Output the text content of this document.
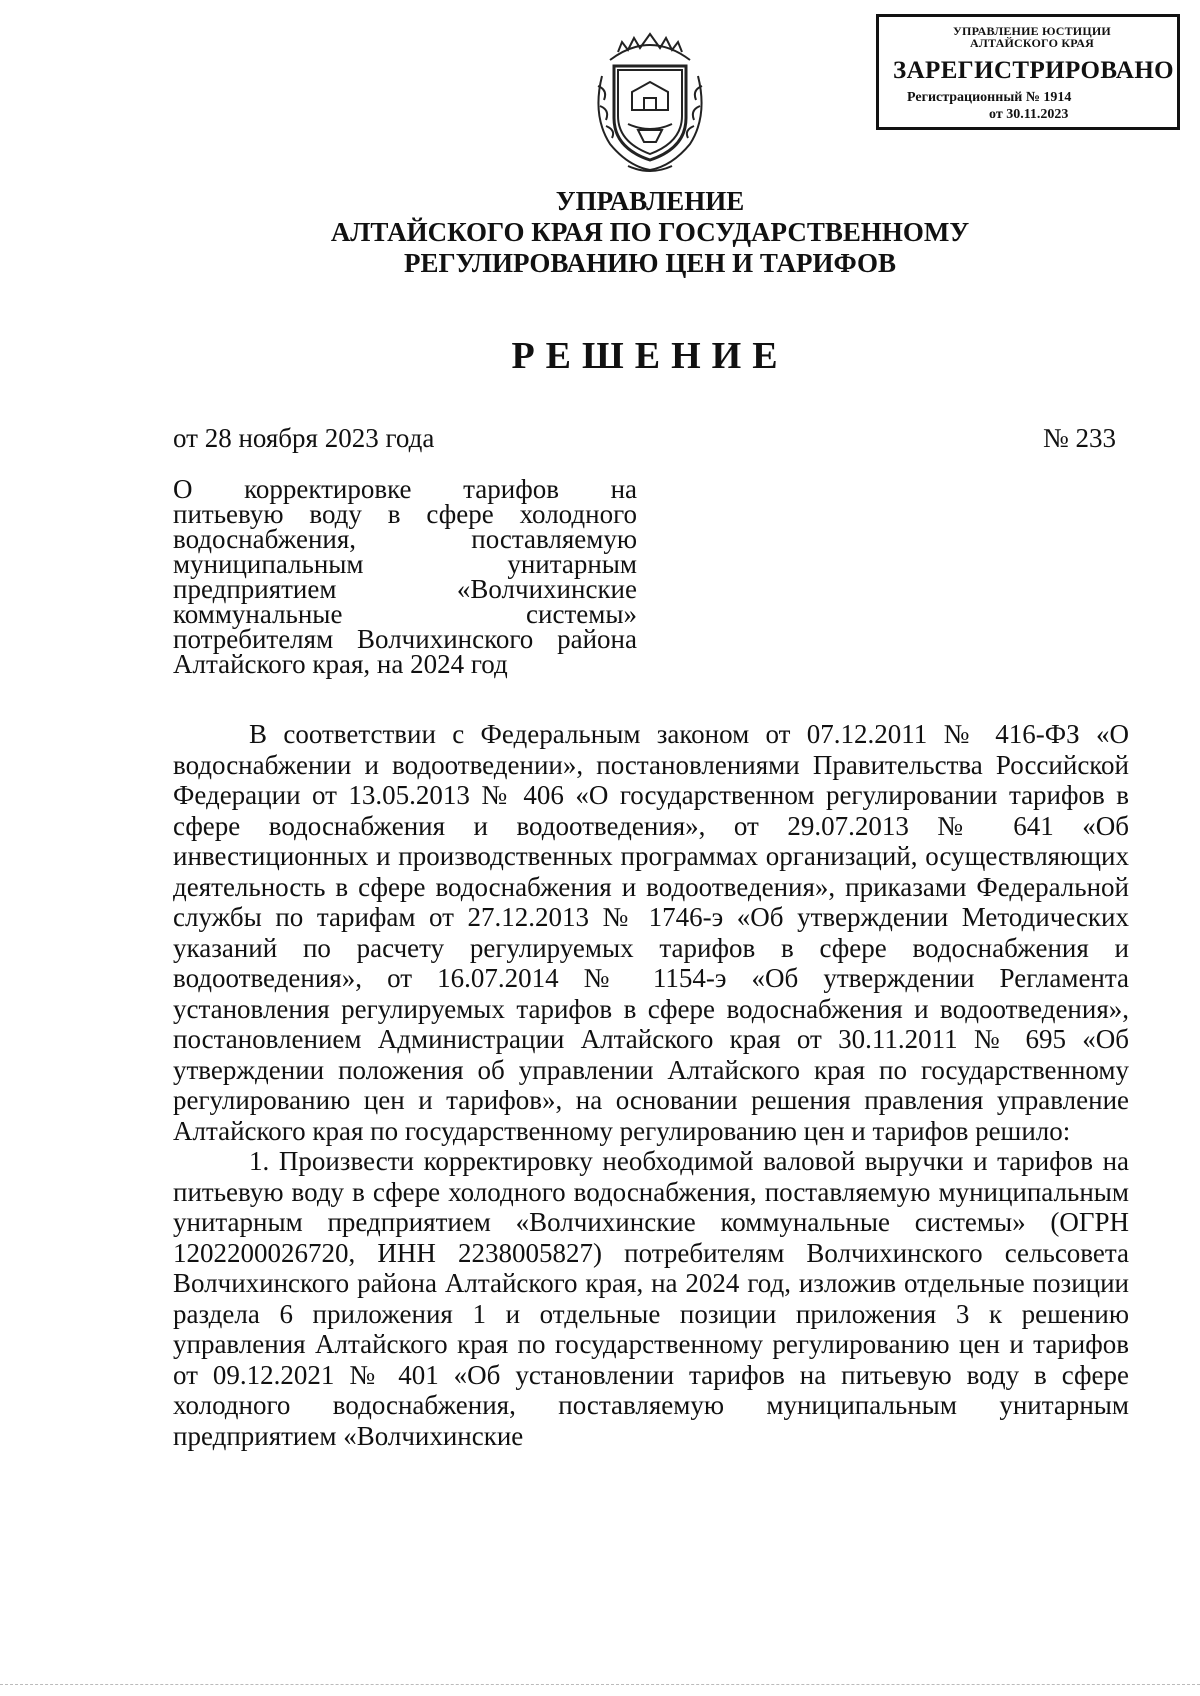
УПРАВЛЕНИЕ ЮСТИЦИИ
АЛТАЙСКОГО КРАЯ
ЗАРЕГИСТРИРОВАНО
Регистрационный № 1914
от 30.11.2023
УПРАВЛЕНИЕ
АЛТАЙСКОГО КРАЯ ПО ГОСУДАРСТВЕННОМУ
РЕГУЛИРОВАНИЮ ЦЕН И ТАРИФОВ
РЕШЕНИЕ
от 28 ноября 2023 года	№ 233
О корректировке тарифов на
питьевую воду в сфере холодного
водоснабжения, поставляемую
муниципальным унитарным
предприятием «Волчихинские
коммунальные системы»
потребителям Волчихинского района
Алтайского края, на 2024 год

В соответствии с Федеральным законом от 07.12.2011 № 416-ФЗ «О водоснабжении и водоотведении», постановлениями Правительства Российской Федерации от 13.05.2013 № 406 «О государственном регулировании тарифов в сфере водоснабжения и водоотведения», от 29.07.2013 № 641 «Об инвестиционных и производственных программах организаций, осуществляющих деятельность в сфере водоснабжения и водоотведения», приказами Федеральной службы по тарифам от 27.12.2013 № 1746-э «Об утверждении Методических указаний по расчету регулируемых тарифов в сфере водоснабжения и водоотведения», от 16.07.2014 № 1154-э «Об утверждении Регламента установления регулируемых тарифов в сфере водоснабжения и водоотведения», постановлением Администрации Алтайского края от 30.11.2011 № 695 «Об утверждении положения об управлении Алтайского края по государственному регулированию цен и тарифов», на основании решения правления управление Алтайского края по государственному регулированию цен и тарифов решило:

1. Произвести корректировку необходимой валовой выручки и тарифов на питьевую воду в сфере холодного водоснабжения, поставляемую муниципальным унитарным предприятием «Волчихинские коммунальные системы» (ОГРН 1202200026720, ИНН 2238005827) потребителям Волчихинского сельсовета Волчихинского района Алтайского края, на 2024 год, изложив отдельные позиции раздела 6 приложения 1 и отдельные позиции приложения 3 к решению управления Алтайского края по государственному регулированию цен и тарифов от 09.12.2021 № 401 «Об установлении тарифов на питьевую воду в сфере холодного водоснабжения, поставляемую муниципальным унитарным предприятием «Волчихинские
